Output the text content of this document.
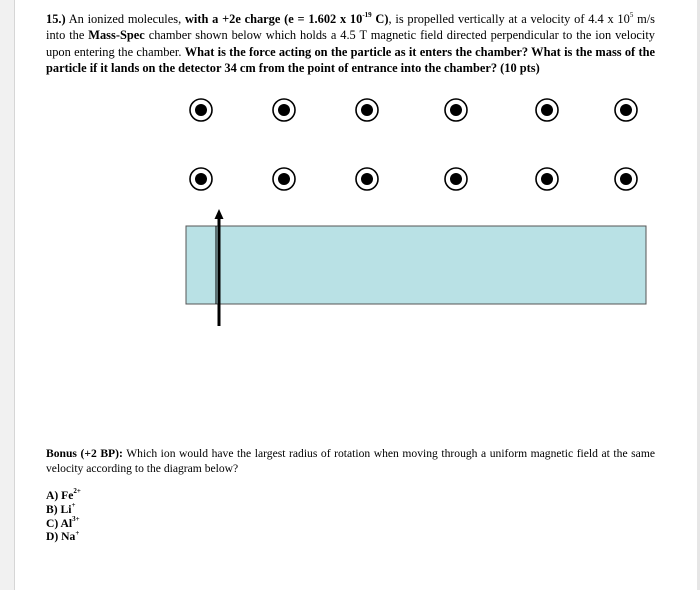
15.) An ionized molecules, with a +2e charge (e = 1.602 x $10^{-19}$ C), is propelled vertically at a velocity of 4.4 x $10^5$ m/s into the Mass-Spec chamber shown below which holds a 4.5 T magnetic field directed perpendicular to the ion velocity upon entering the chamber. What is the force acting on the particle as it enters the chamber? What is the mass of the particle if it lands on the detector 34 cm from the point of entrance into the chamber? (10 pts)
Bonus (+2 BP): Which ion would have the largest radius of rotation when moving through a uniform magnetic field at the same velocity according to the diagram below?
A) $Fe^{2+}$
B) Li+
C) $Al^{3+}$
D) Na+
